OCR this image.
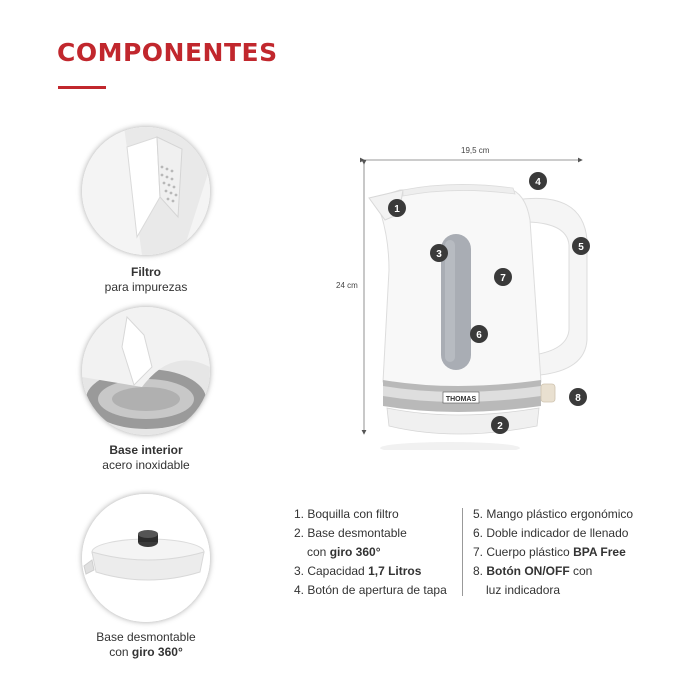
COMPONENTES
Filtro
para impurezas
Base interior
acero inoxidable
Base desmontable
con giro 360°
19,5 cm
24 cm
THOMAS
1
2
3
4
5
6
7
8
1. Boquilla con filtro
2. Base desmontable
con giro 360°
3. Capacidad 1,7 Litros
4. Botón de apertura de tapa
5. Mango plástico ergonómico
6. Doble indicador de llenado
7. Cuerpo plástico BPA Free
8. Botón ON/OFF con
luz indicadora
